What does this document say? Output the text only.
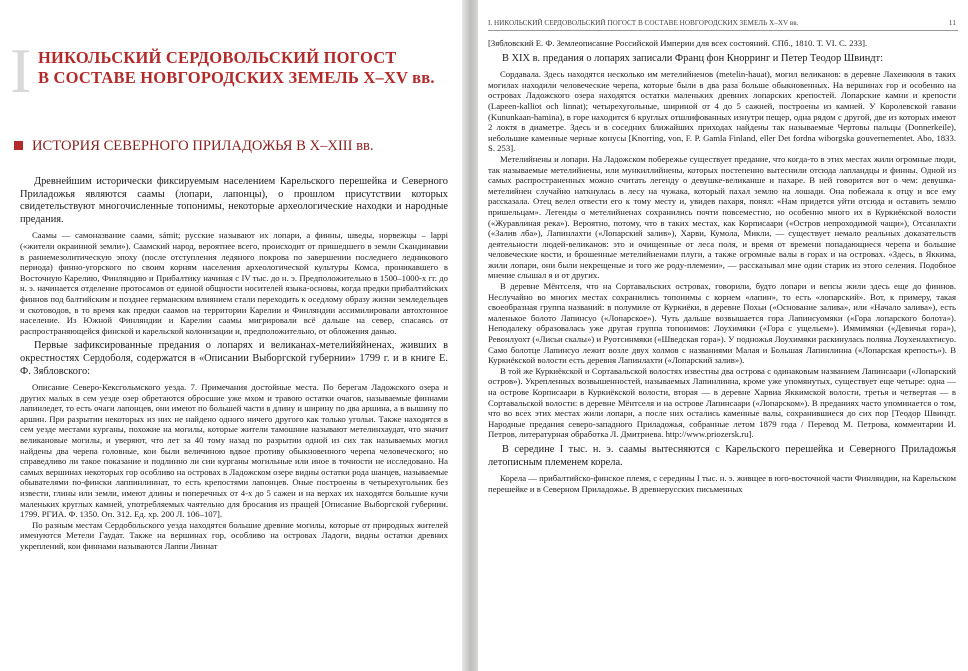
I НИКОЛЬСКИЙ СЕРДОВОЛЬСКИЙ ПОГОСТ
В СОСТАВЕ НОВГОРОДСКИХ ЗЕМЕЛЬ X–XV вв.
ИСТОРИЯ СЕВЕРНОГО ПРИЛАДОЖЬЯ В X–XIII вв.

Древнейшим исторически фиксируемым населением Карельского перешейка и Северного Приладожья являются саамы (лопари, лапонцы), о прошлом присутствии которых свидетельствуют многочисленные топонимы, некоторые археологические находки и народные предания.

Саамы — самоназвание саами, sámit; русские называют их лопари, а финны, шведы, норвежцы – lappi («жители окраинной земли»). Саамский народ, вероятнее всего, происходит от пришедшего в земли Скандинавии в раннемезолитическую эпоху (после отступления ледяного покрова по завершении последнего ледникового периода) финно-угорского по своим корням населения археологической культуры Комса, проникавшего в Восточную Карелию, Финляндию и Прибалтику начиная с IV тыс. до н. э. Предположительно в 1500–1000-х гг. до н. э. начинается отделение протосамов от единой общности носителей языка-основы, когда предки прибалтийских финнов под балтийским и позднее германским влиянием стали переходить к оседлому образу жизни земледельцев и скотоводов, в то время как предки саамов на территории Карелии и Финляндии ассимилировали автохтонное население. Из Южной Финляндии и Карелии саамы мигрировали всё дальше на север, спасаясь от распространяющейся финской и карельской колонизации и, предположительно, от обложения данью.

Первые зафиксированные предания о лопарях и великанах-метелийяйненах, живших в окрестностях Сердоболя, содержатся в «Описании Выборгской губернии» 1799 г. и в книге Е. Ф. Зябловского:

Описание Северо-Кексгольмского уезда. 7. Примечания достойные места. По берегам Ладожского озера и других малых в сем уезде озер обретаются обросшие уже мхом и травою остатки очагов, называемые финнами лапинледет, то есть очаги лапонцев, они имеют по большей части в длину и ширину по два аршина, а в вышину по аршин. При разрытии некоторых из них не найдено одного ничего другого как только угольи. Также находятся в сем уезде местами курганы, похожие на могилы, которые жители тамошние называют метелинхаудат, что значит великановые могилы, и уверяют, что лет за 40 тому назад по разрытии одной из сих так называемых могил найдены два черепа головные, кои были величиною вдвое противу обыкновенного черепа человеческого; но справедливо ли такое показание и подлинно ли сии курганы могильные или иное в точности не исследовано. На самых вершинах некоторых гор особливо на островах в Ладожском озере видны остатки рода шанцев, называемые обывателями по-фински лаппинлиннат, то есть крепостями лапонцев. Оные построены в четырехугольник без извести, глины или земли, имеют длины и поперечных от 4-х до 5 сажен и на верхах их находятся большие кучи маленьких круглых камней, употребляемых чаятельно для бросания из пращей [Описание Выборгской губернии. 1799. РГИА. Ф. 1350. Оп. 312. Ед. хр. 200 Л. 106–107].

По разным местам Сердобольского уезда находятся большие древние могилы, которые от природных жителей именуются Метели Гаудат. Также на вершинах гор, особливо на островах Ладоги, видны остатки древних укреплений, кои финнами называются Лаппи Линнат

I. НИКОЛЬСКИЙ СЕРДОВОЛЬСКИЙ ПОГОСТ В СОСТАВЕ НОВГОРОДСКИХ ЗЕМЕЛЬ X–XV вв.	11

[Зябловский Е. Ф. Землеописание Российской Империи для всех состояний. СПб., 1810. Т. VI. С. 233].

В XIX в. предания о лопарях записали Франц фон Кнорринг и Петер Теодор Швиндт:

Сордавала. Здесь находятся несколько им метелийненов (metelin-hauat), могил великанов: в деревне Лахенкюля в таких могилах находили человеческие черепа, которые были в два раза больше обыкновенных. На вершинах гор и особенно на островах Ладожского озера находятся остатки маленьких древних лопарских крепостей. Лопарские камни и крепости (Lapeen-kalliot och linnat); четырехугольные, шириной от 4 до 5 сажней, построены из камней. У Королевской гавани (Kununkaan-hamina), в горе находится 6 круглых отшлифованных изнутри пещер, одна рядом с другой, две из которых имеют 2 локтя в диаметре. Здесь и в соседних ближайших приходах найдены так называемые Чертовы пальцы (Donnerkeile), небольшие каменные черные конусы [Knorring, von, F. P. Gamla Finland, eller Det fordna wiborgska gouvernementet. Abo, 1833. S. 253].

Метелийнены и лопари. На Ладожском побережье существует предание, что когда-то в этих местах жили огромные люди, так называемые метелийнены, или мункиллийнены, которых постепенно вытеснили отсюда лапландцы и финны. Одной из самых распространенных можно считать легенду о девушке-великанше и пахаре. В ней говорится вот о чем: девушка-метелийнен случайно наткнулась в лесу на чужака, который пахал землю на лошади. Она побежала к отцу и все ему рассказала. Отец велел отвести его к тому месту и, увидев пахаря, понял: «Нам придется уйти отсюда и оставить землю пришельцам». Легенды о метелийненах сохранились почти повсеместно, но особенно много их в Куркиёкской волости («Журавлиная река»). Вероятно, потому, что в таких местах, как Корписаари («Остров непроходимой чащи»), Отсанлахти («Залив лба»), Лапинлахти («Лопарский залив»), Харви, Кумола, Микли, — существует немало реальных доказательств деятельности людей-великанов: это и очищенные от леса поля, и время от времени попадающиеся черепа и большие человеческие кости, и брошенные метелийненами плуги, а также огромные валы в горах и на островах. «Здесь, в Яккима, жили лопари, они были некрещеные и того же роду-племени», — рассказывал мне один старик из этого селения. Подобное мнение слышал я и от других.

В деревне Мёнтселя, что на Сортавальских островах, говорили, будто лопари и вепсы жили здесь еще до финнов. Неслучайно во многих местах сохранились топонимы с корнем «лапин», то есть «лопарский». Вот, к примеру, такая своеобразная группа названий: в полумиле от Куркиёки, в деревне Похьи («Основание залива», или «Начало залива»), есть маленькое болото Лапинсуо («Лопарское»). Чуть дальше возвышается гора Лапинсуомяки («Гора лопарского болота»). Неподалеку образовалась уже другая группа топонимов: Лоухимяки («Гора с ущельем»). Иммимяки («Девичья гора»), Ревонлуохт («Лисьи скалы») и Руотсинмяки («Шведская гора»). У подножья Лоухимяки раскинулась поляна Лоухенлахтисуо. Само болотце Лапинсуо лежит возле двух холмов с названиями Малая и Большая Лапинлинна («Лопарская крепость»). В Куркиёкской волости есть деревня Лапинлахти («Лопарский залив»).

В той же Куркиёкской и Сортавальской волостях известны два острова с одинаковым названием Лапинсаари («Лопарский остров»). Укрепленных возвышенностей, называемых Лапинлинна, кроме уже упомянутых, существует еще четыре: одна — на острове Корписаари в Куркиёкской волости, вторая — в деревне Харвиа Яккимской волости, третья и четвертая — в Сортавальской волости: в деревне Мёнтселя и на острове Лапинсаари («Лопарском»). В преданиях часто упоминается о том, что во всех этих местах жили лопари, а после них остались каменные валы, сохранившиеся до сих пор [Теодор Швиндт. Народные предания северо-западного Приладожья, собранные летом 1879 года / Перевод М. Петрова, комментарии И. Петров, литературная обработка Л. Дмитриева. http://www.priozersk.ru].

В середине I тыс. н. э. саамы вытесняются с Карельского перешейка и Северного Приладожья летописным племенем корела.

Корела — прибалтийско-финское племя, с середины I тыс. н. э. живщее в юго-восточной части Финляндии, на Карельском перешейке и в Северном Приладожье. В древнерусских письменных
